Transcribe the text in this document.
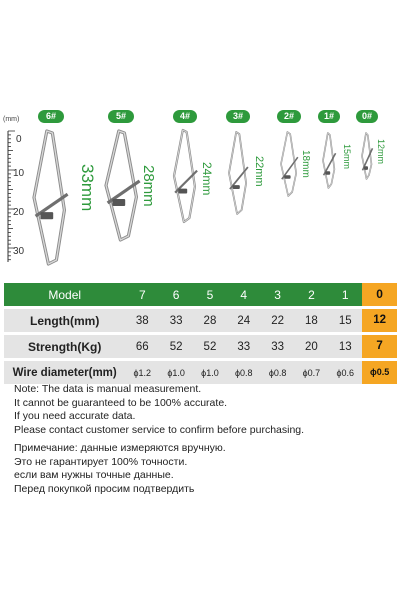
(mm)
0
10
20
30
6#	5#	4#	3#	2#	1#	0#
33mm	28mm	24mm	22mm	18mm	15mm	12mm
Model	7	6	5	4	3	2	1	0
Length(mm)	38	33	28	24	22	18	15	12
Strength(Kg)	66	52	52	33	33	20	13	7
Wire diameter(mm)	ϕ1.2	ϕ1.0	ϕ1.0	ϕ0.8	ϕ0.8	ϕ0.7	ϕ0.6	ϕ0.5
Note: The data is manual measurement.
It cannot be guaranteed to be 100% accurate.
If you need accurate data.
Please contact customer service to confirm before purchasing.
Примечание: данные измеряются вручную.
Это не гарантирует 100% точности.
если вам нужны точные данные.
Перед покупкой просим подтвердить
